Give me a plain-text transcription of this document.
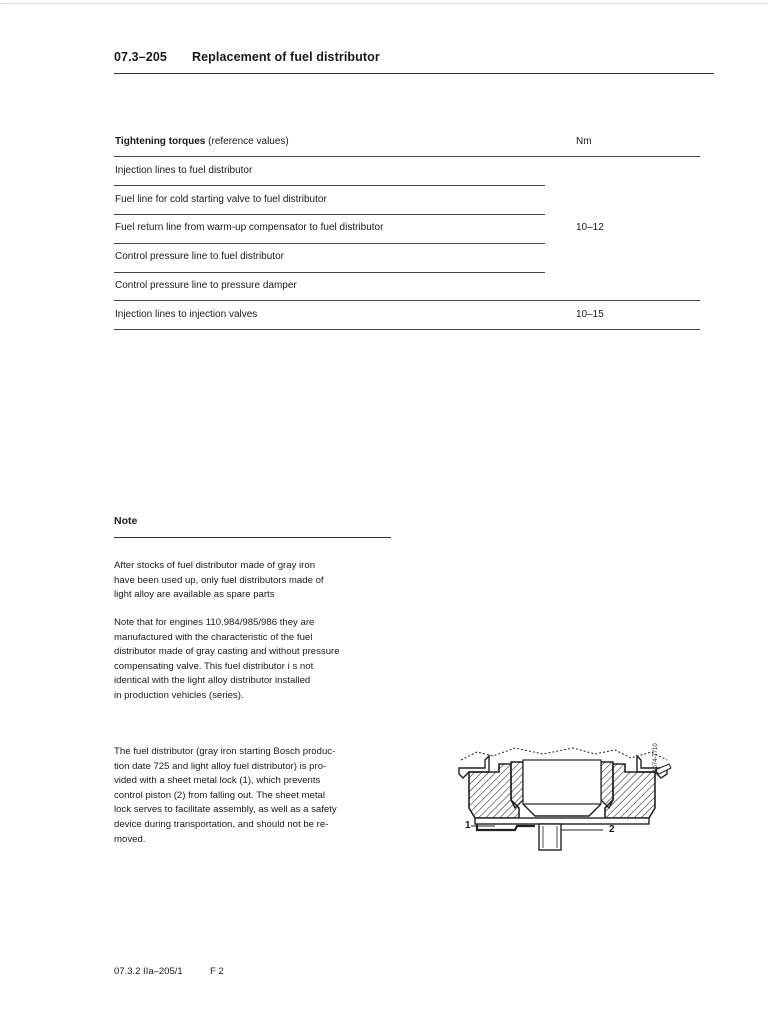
07.3–205 Replacement of fuel distributor
Tightening torques (reference values)	Nm
Injection lines to fuel distributor
Fuel line for cold starting valve to fuel distributor
Fuel return line from warm-up compensator to fuel distributor	10–12
Control pressure line to fuel distributor
Control pressure line to pressure damper
Injection lines to injection valves	10–15
Note
After stocks of fuel distributor made of gray iron
have been used up, only fuel distributors made of
light alloy are available as spare parts
Note that for engines 110.984/985/986 they are
manufactured with the characteristic of the fuel
distributor made of gray casting and without pressure
compensating valve. This fuel distributor i s not
identical with the light alloy distributor installed
in production vehicles (series).
The fuel distributor (gray iron starting Bosch produc-
tion date 725 and light alloy fuel distributor) is pro-
vided with a sheet metal lock (1), which prevents
control piston (2) from falling out. The sheet metal
lock serves to facilitate assembly, as well as a safety
device during transportation, and should not be re-
moved.
1	2
1074-7710
07.3.2 IIa–205/1	F 2
